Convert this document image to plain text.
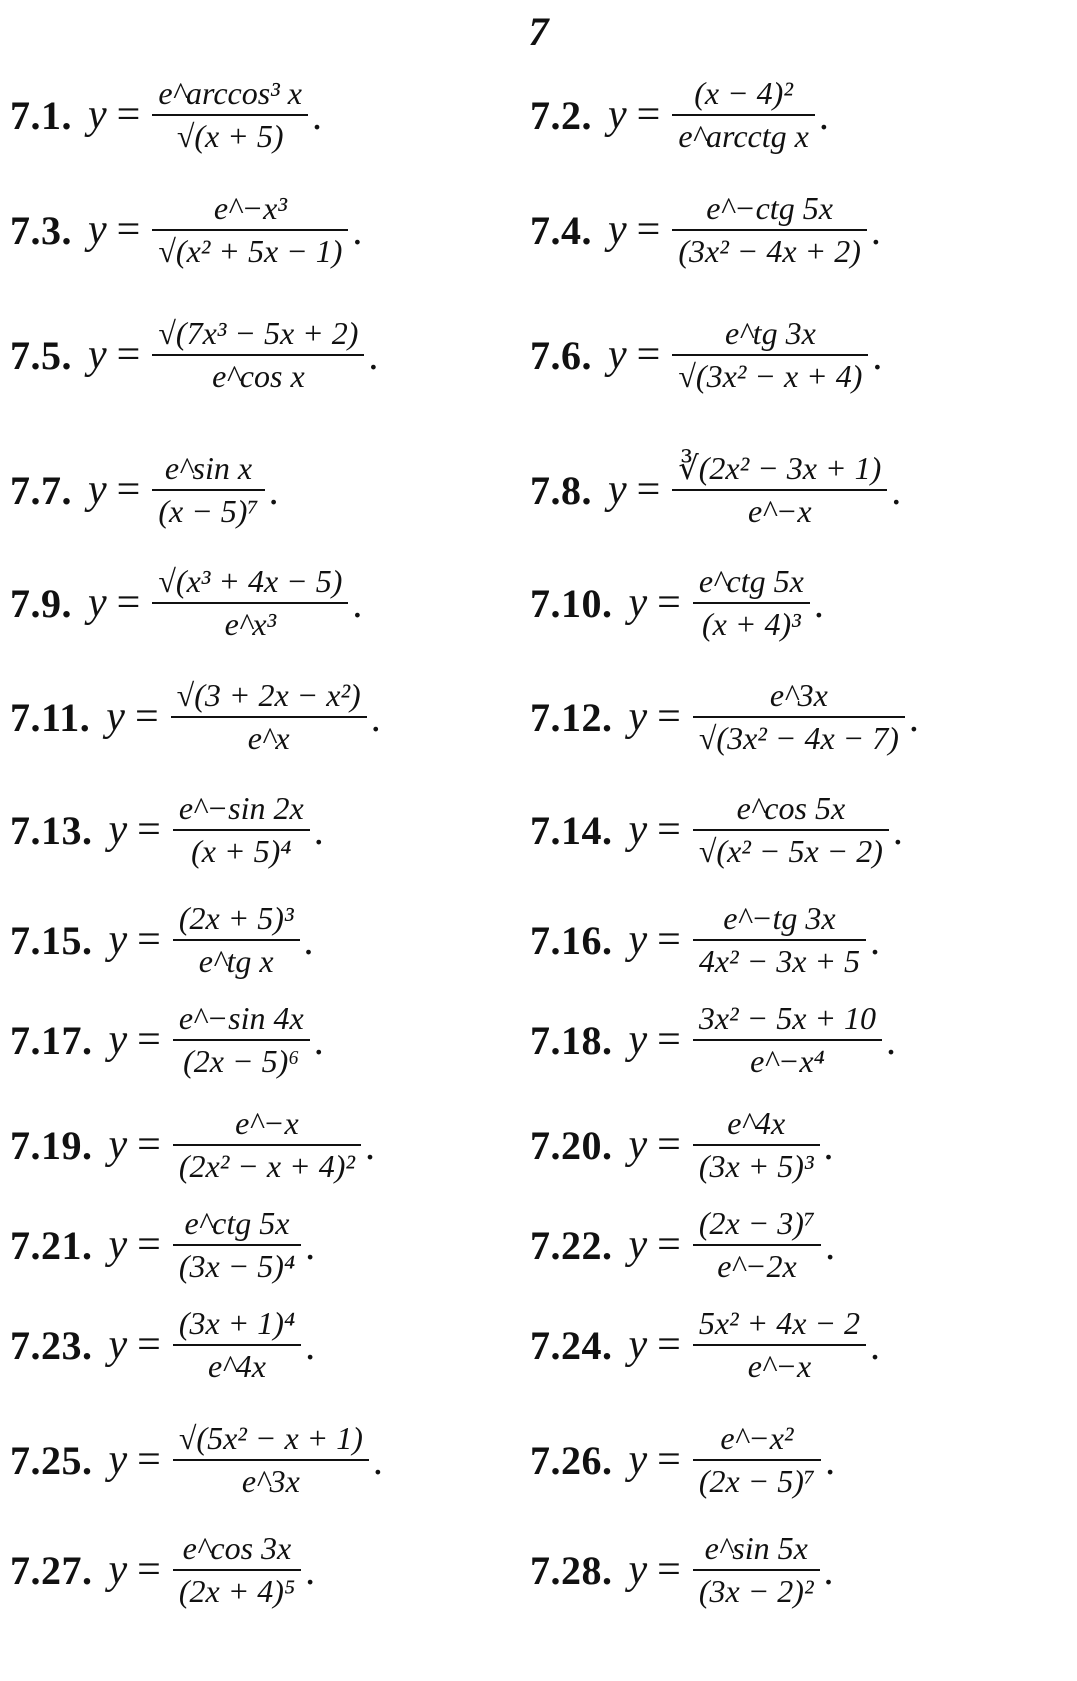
7
7.1. $y = \frac{\text{e\textasciicircum{}arccos³ x}}{√(x + 5)}$ .	7.2. $y = \frac{\text{(x − 4)²}}{\text{e\textasciicircum{}arcctg x}}$ .
7.3. $y = \frac{\text{e\textasciicircum{}−x³}}{\text{√(x² + 5x − 1)}}$ .	7.4. $y = \frac{\text{e\textasciicircum{}−ctg 5x}}{\text{(3x² − 4x + 2)}}$ .
7.5. $y = \frac{\text{√(7x³ − 5x + 2)}}{\text{e\textasciicircum{}cos x}}$ .	7.6. $y = \frac{e\^{}tg 3x}{\text{√(3x² − x + 4)}}$ .
7.7. $y = \frac{\text{e\textasciicircum{}sin x}}{\text{(x − 5)⁷}}$ .	7.8. $y = \frac{\text{∛(2x² − 3x + 1)}}{e\^{}-x}$ .
7.9. $y = \frac{\text{√(x³ + 4x − 5)}}{\text{e\textasciicircum{}x³}}$ .	7.10. $y = \frac{\text{e\textasciicircum{}ctg 5x}}{\text{(x + 4)³}}$ .
7.11. $y = \frac{\text{√(3 + 2x − x²)}}{e\^{}x}$ .	7.12. $y = \frac{e\^{}3x}{\text{√(3x² − 4x − 7)}}$ .
7.13. $y = \frac{e\^{}-\sin 2x}{\text{(x + 5)⁴}}$ .	7.14. $y = \frac{e\^{}\cos 5x}{\text{√(x² − 5x − 2)}}$ .
7.15. $y = \frac{\text{(2x + 5)³}}{\text{e\textasciicircum{}tg x}}$ .	7.16. $y = \frac{e\^{}-tg 3x}{\text{4x² − 3x + 5}}$ .
7.17. $y = \frac{e\^{}-\sin 4x}{\text{(2x − 5)⁶}}$ .	7.18. $y = \frac{\text{3x² − 5x + 10}}{\text{e\textasciicircum{}−x⁴}}$ .
7.19. $y = \frac{e\^{}-x}{\text{(2x² − x + 4)²}}$ .	7.20. $y = \frac{e\^{}4x}{\text{(3x + 5)³}}$ .
7.21. $y = \frac{\text{e\textasciicircum{}ctg 5x}}{\text{(3x − 5)⁴}}$ .	7.22. $y = \frac{\text{(2x − 3)⁷}}{e\^{}-2x}$ .
7.23. $y = \frac{\text{(3x + 1)⁴}}{e\^{}4x}$ .	7.24. $y = \frac{\text{5x² + 4x − 2}}{e\^{}-x}$ .
7.25. $y = \frac{\text{√(5x² − x + 1)}}{e\^{}3x}$ .	7.26. $y = \frac{\text{e\textasciicircum{}−x²}}{\text{(2x − 5)⁷}}$ .
7.27. $y = \frac{e\^{}\cos 3x}{\text{(2x + 4)⁵}}$ .	7.28. $y = \frac{e\^{}\sin 5x}{\text{(3x − 2)²}}$ .
